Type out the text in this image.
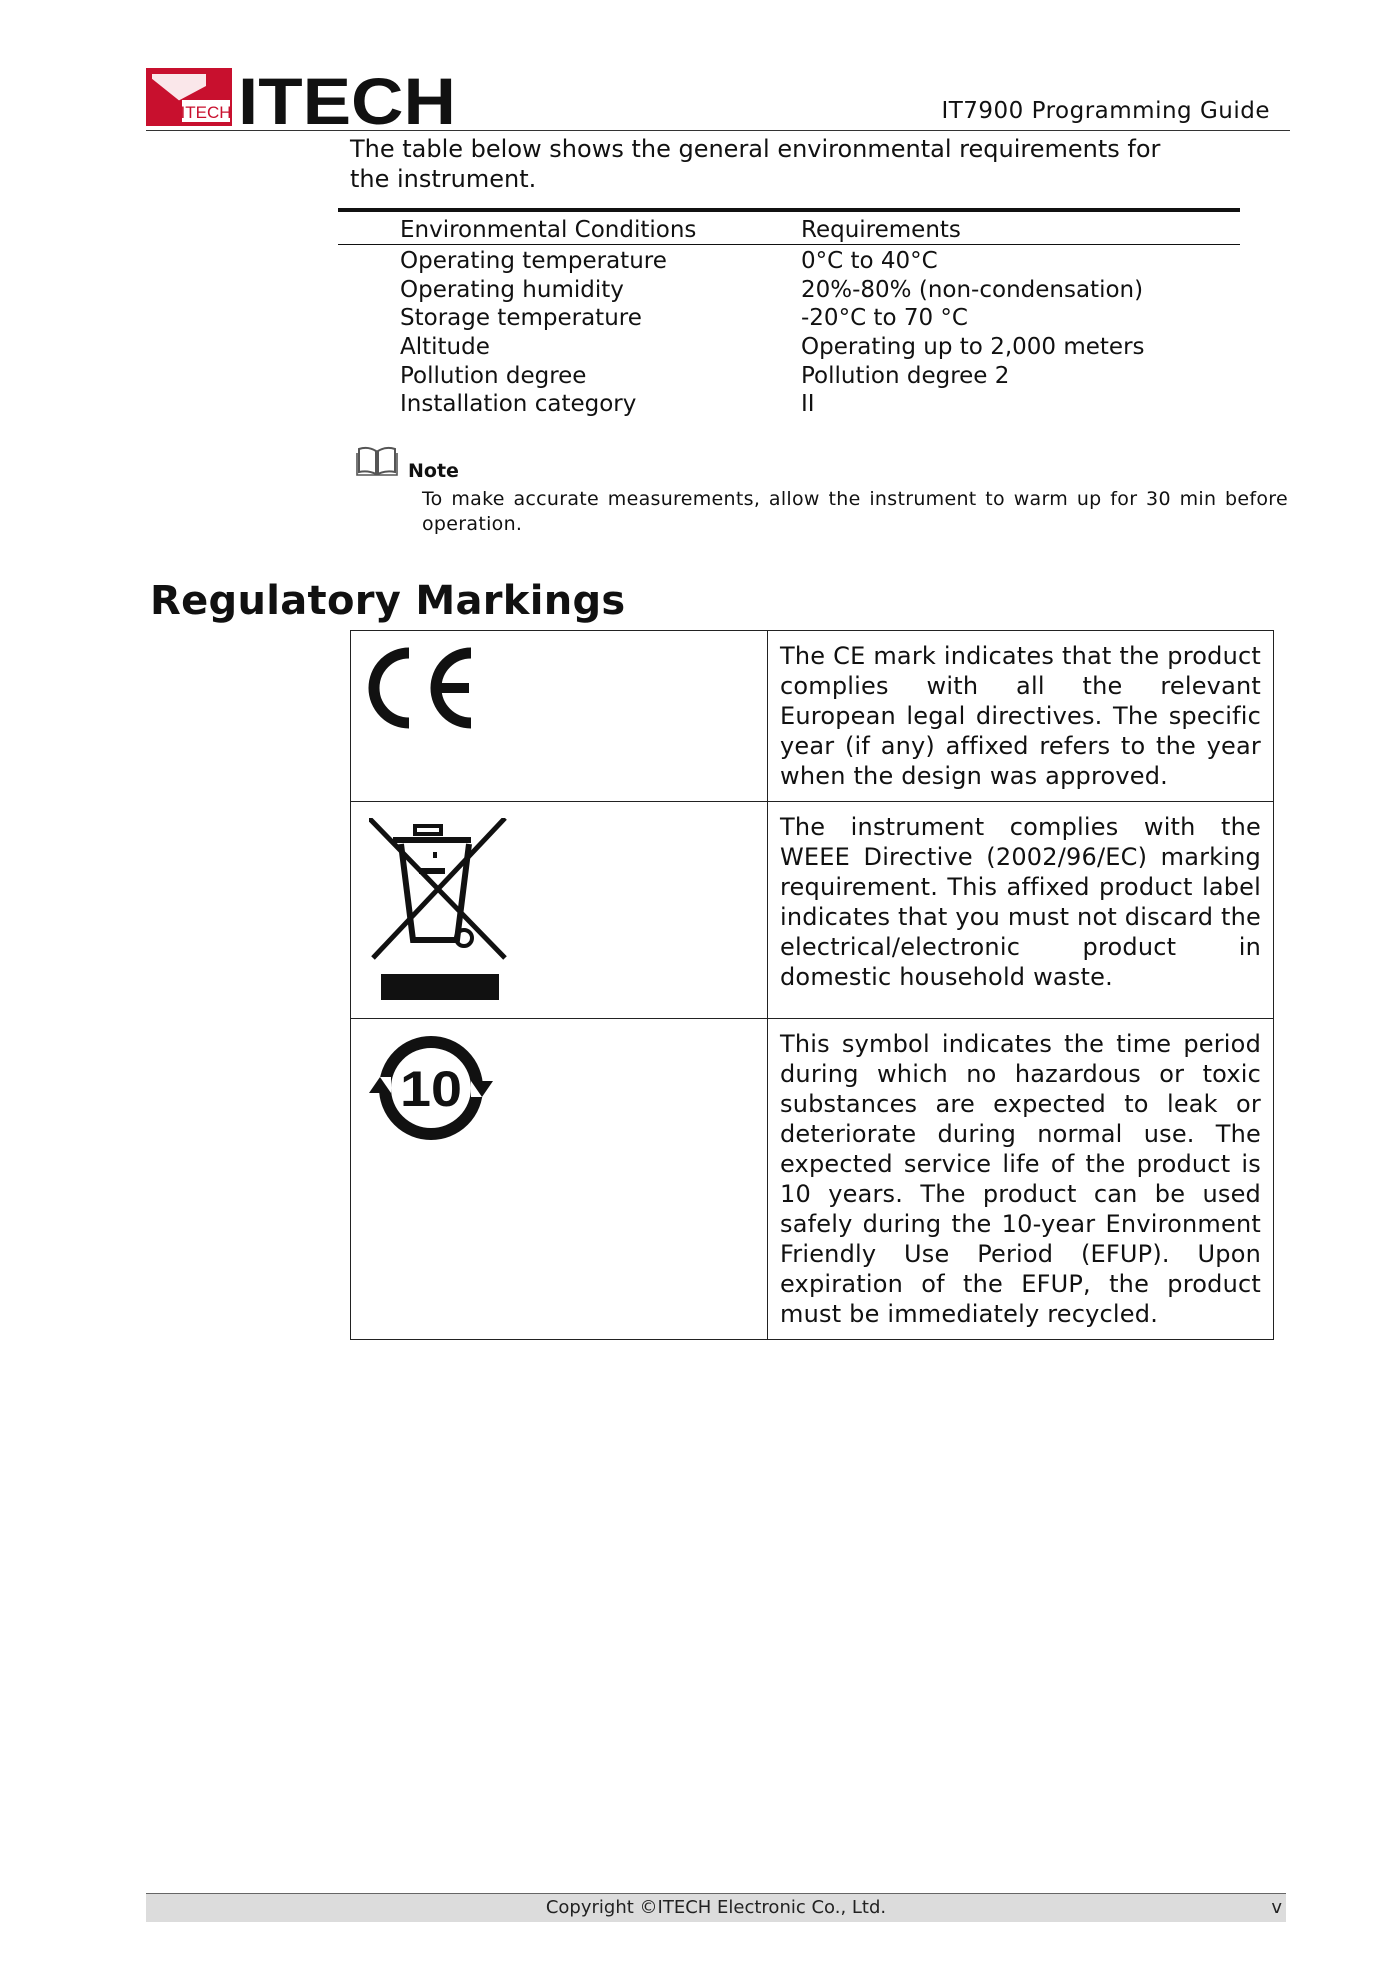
ITECH ITECH	IT7900 Programming Guide
The table below shows the general environmental requirements for the instrument.
Environmental Conditions	Requirements
Operating temperature	0°C to 40°C
Operating humidity	20%-80% (non-condensation)
Storage temperature	-20°C to 70 °C
Altitude	Operating up to 2,000 meters
Pollution degree	Pollution degree 2
Installation category	II
Note
To make accurate measurements, allow the instrument to warm up for 30 min before operation.
Regulatory Markings
The CE mark indicates that the product complies with all the relevant European legal directives. The specific year (if any) affixed refers to the year when the design was approved.
The instrument complies with the WEEE Directive (2002/96/EC) marking requirement. This affixed product label indicates that you must not discard the electrical/electronic product in domestic household waste.
10
This symbol indicates the time period during which no hazardous or toxic substances are expected to leak or deteriorate during normal use. The expected service life of the product is 10 years. The product can be used safely during the 10-year Environment Friendly Use Period (EFUP). Upon expiration of the EFUP, the product must be immediately recycled.
Copyright ©ITECH Electronic Co., Ltd.	v
